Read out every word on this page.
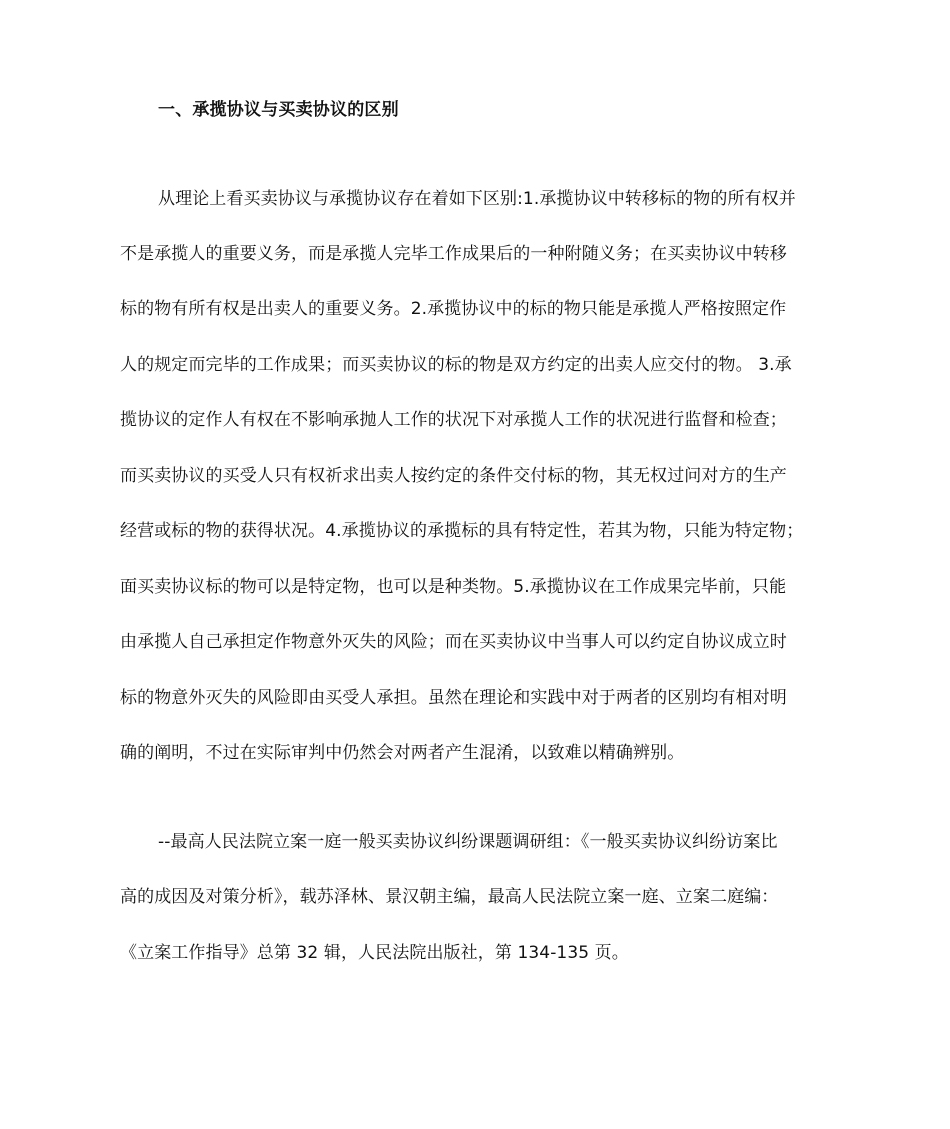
一、承揽协议与买卖协议的区别
从理论上看买卖协议与承揽协议存在着如下区别:1.承揽协议中转移标的物的所有权并
不是承揽人的重要义务，而是承揽人完毕工作成果后的一种附随义务；在买卖协议中转移
标的物有所有权是出卖人的重要义务。2.承揽协议中的标的物只能是承揽人严格按照定作
人的规定而完毕的工作成果；而买卖协议的标的物是双方约定的出卖人应交付的物。 3.承
揽协议的定作人有权在不影响承抛人工作的状况下对承揽人工作的状况进行监督和检查；
而买卖协议的买受人只有权祈求出卖人按约定的条件交付标的物，其无权过问对方的生产
经营或标的物的获得状况。4.承揽协议的承揽标的具有特定性，若其为物，只能为特定物；
面买卖协议标的物可以是特定物，也可以是种类物。5.承揽协议在工作成果完毕前，只能
由承揽人自己承担定作物意外灭失的风险；而在买卖协议中当事人可以约定自协议成立时
标的物意外灭失的风险即由买受人承担。虽然在理论和实践中对于两者的区别均有相对明
确的阐明，不过在实际审判中仍然会对两者产生混淆，以致难以精确辨别。
--最高人民法院立案一庭一般买卖协议纠纷课题调研组：《一般买卖协议纠纷访案比
高的成因及对策分析》，载苏泽林、景汉朝主编，最高人民法院立案一庭、立案二庭编：
《立案工作指导》总第 32 辑，人民法院出版社，第 134-135 页。
